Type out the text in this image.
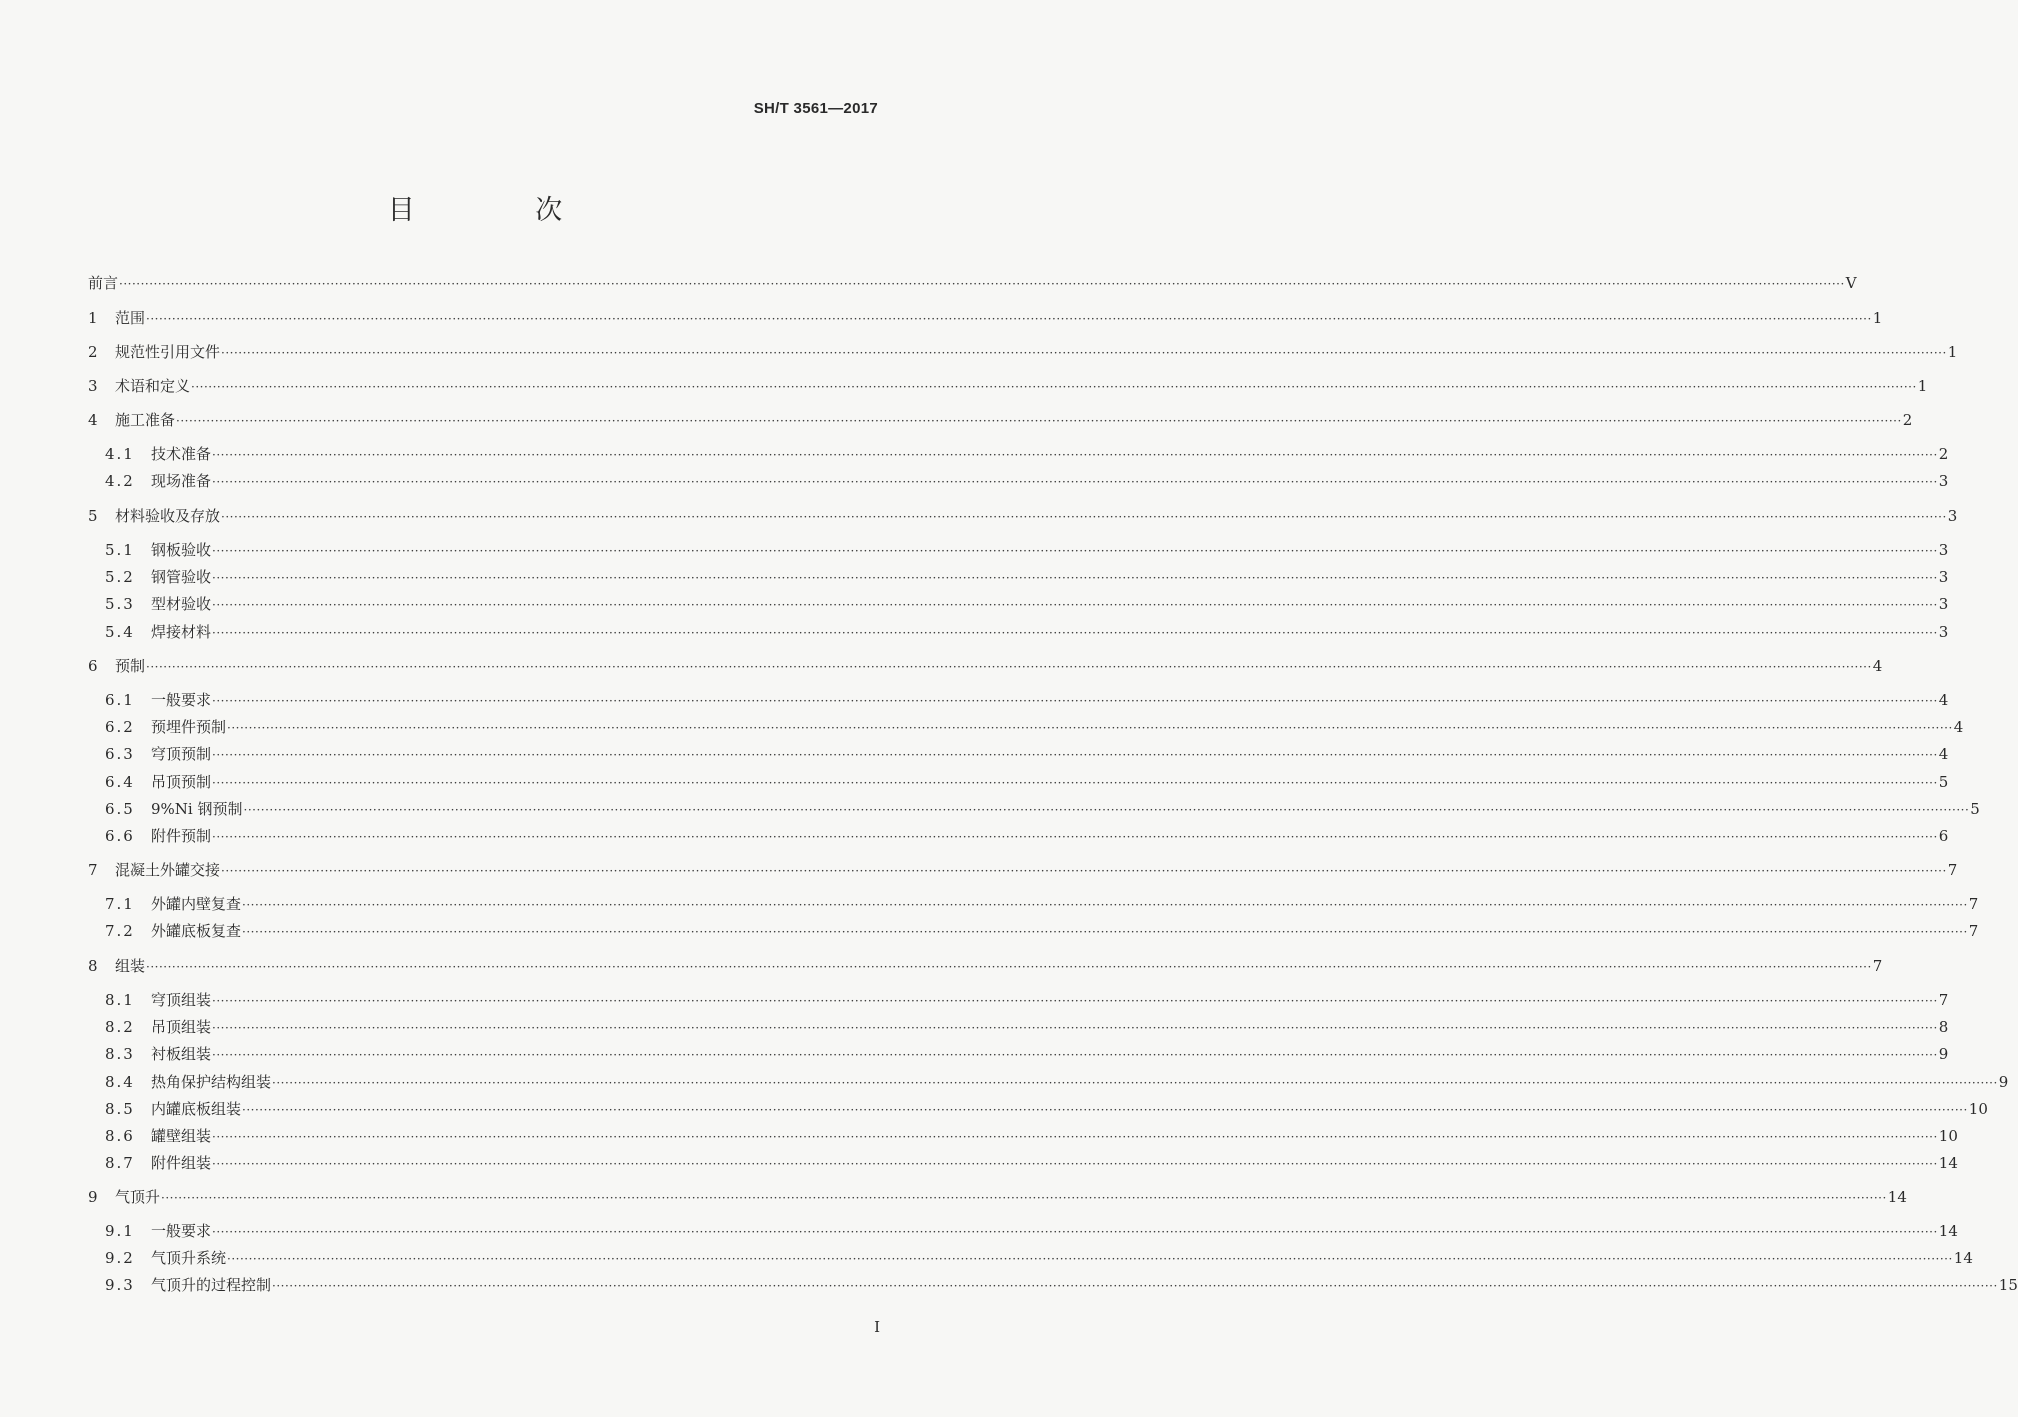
SH/T 3561—2017
目 次
前言 ················································································································································································································································································································································································································ V
1	范围 ················································································································································································································································································································································································································ 1
2	规范性引用文件 ················································································································································································································································································································································································································ 1
3	术语和定义 ················································································································································································································································································································································································································ 1
4	施工准备 ················································································································································································································································································································································································································ 2
4.1	技术准备 ················································································································································································································································································································································································································ 2
4.2	现场准备 ················································································································································································································································································································································································································ 3
5	材料验收及存放 ················································································································································································································································································································································································································ 3
5.1	钢板验收 ················································································································································································································································································································································································································ 3
5.2	钢管验收 ················································································································································································································································································································································································································ 3
5.3	型材验收 ················································································································································································································································································································································································································ 3
5.4	焊接材料 ················································································································································································································································································································································································································ 3
6	预制 ················································································································································································································································································································································································································ 4
6.1	一般要求 ················································································································································································································································································································································································································ 4
6.2	预埋件预制 ················································································································································································································································································································································································································ 4
6.3	穹顶预制 ················································································································································································································································································································································································································ 4
6.4	吊顶预制 ················································································································································································································································································································································································································ 5
6.5	9%Ni 钢预制 ················································································································································································································································································································································································································ 5
6.6	附件预制 ················································································································································································································································································································································································································ 6
7	混凝土外罐交接 ················································································································································································································································································································································································································ 7
7.1	外罐内壁复查 ················································································································································································································································································································································································································ 7
7.2	外罐底板复查 ················································································································································································································································································································································································································ 7
8	组装 ················································································································································································································································································································································································································ 7
8.1	穹顶组装 ················································································································································································································································································································································································································ 7
8.2	吊顶组装 ················································································································································································································································································································································································································ 8
8.3	衬板组装 ················································································································································································································································································································································································································ 9
8.4	热角保护结构组装 ················································································································································································································································································································································································································ 9
8.5	内罐底板组装 ················································································································································································································································································································································································································ 10
8.6	罐壁组装 ················································································································································································································································································································································································································ 10
8.7	附件组装 ················································································································································································································································································································································································································ 14
9	气顶升 ················································································································································································································································································································································································································ 14
9.1	一般要求 ················································································································································································································································································································································································································ 14
9.2	气顶升系统 ················································································································································································································································································································································································································ 14
9.3	气顶升的过程控制 ················································································································································································································································································································································································································ 15
I
